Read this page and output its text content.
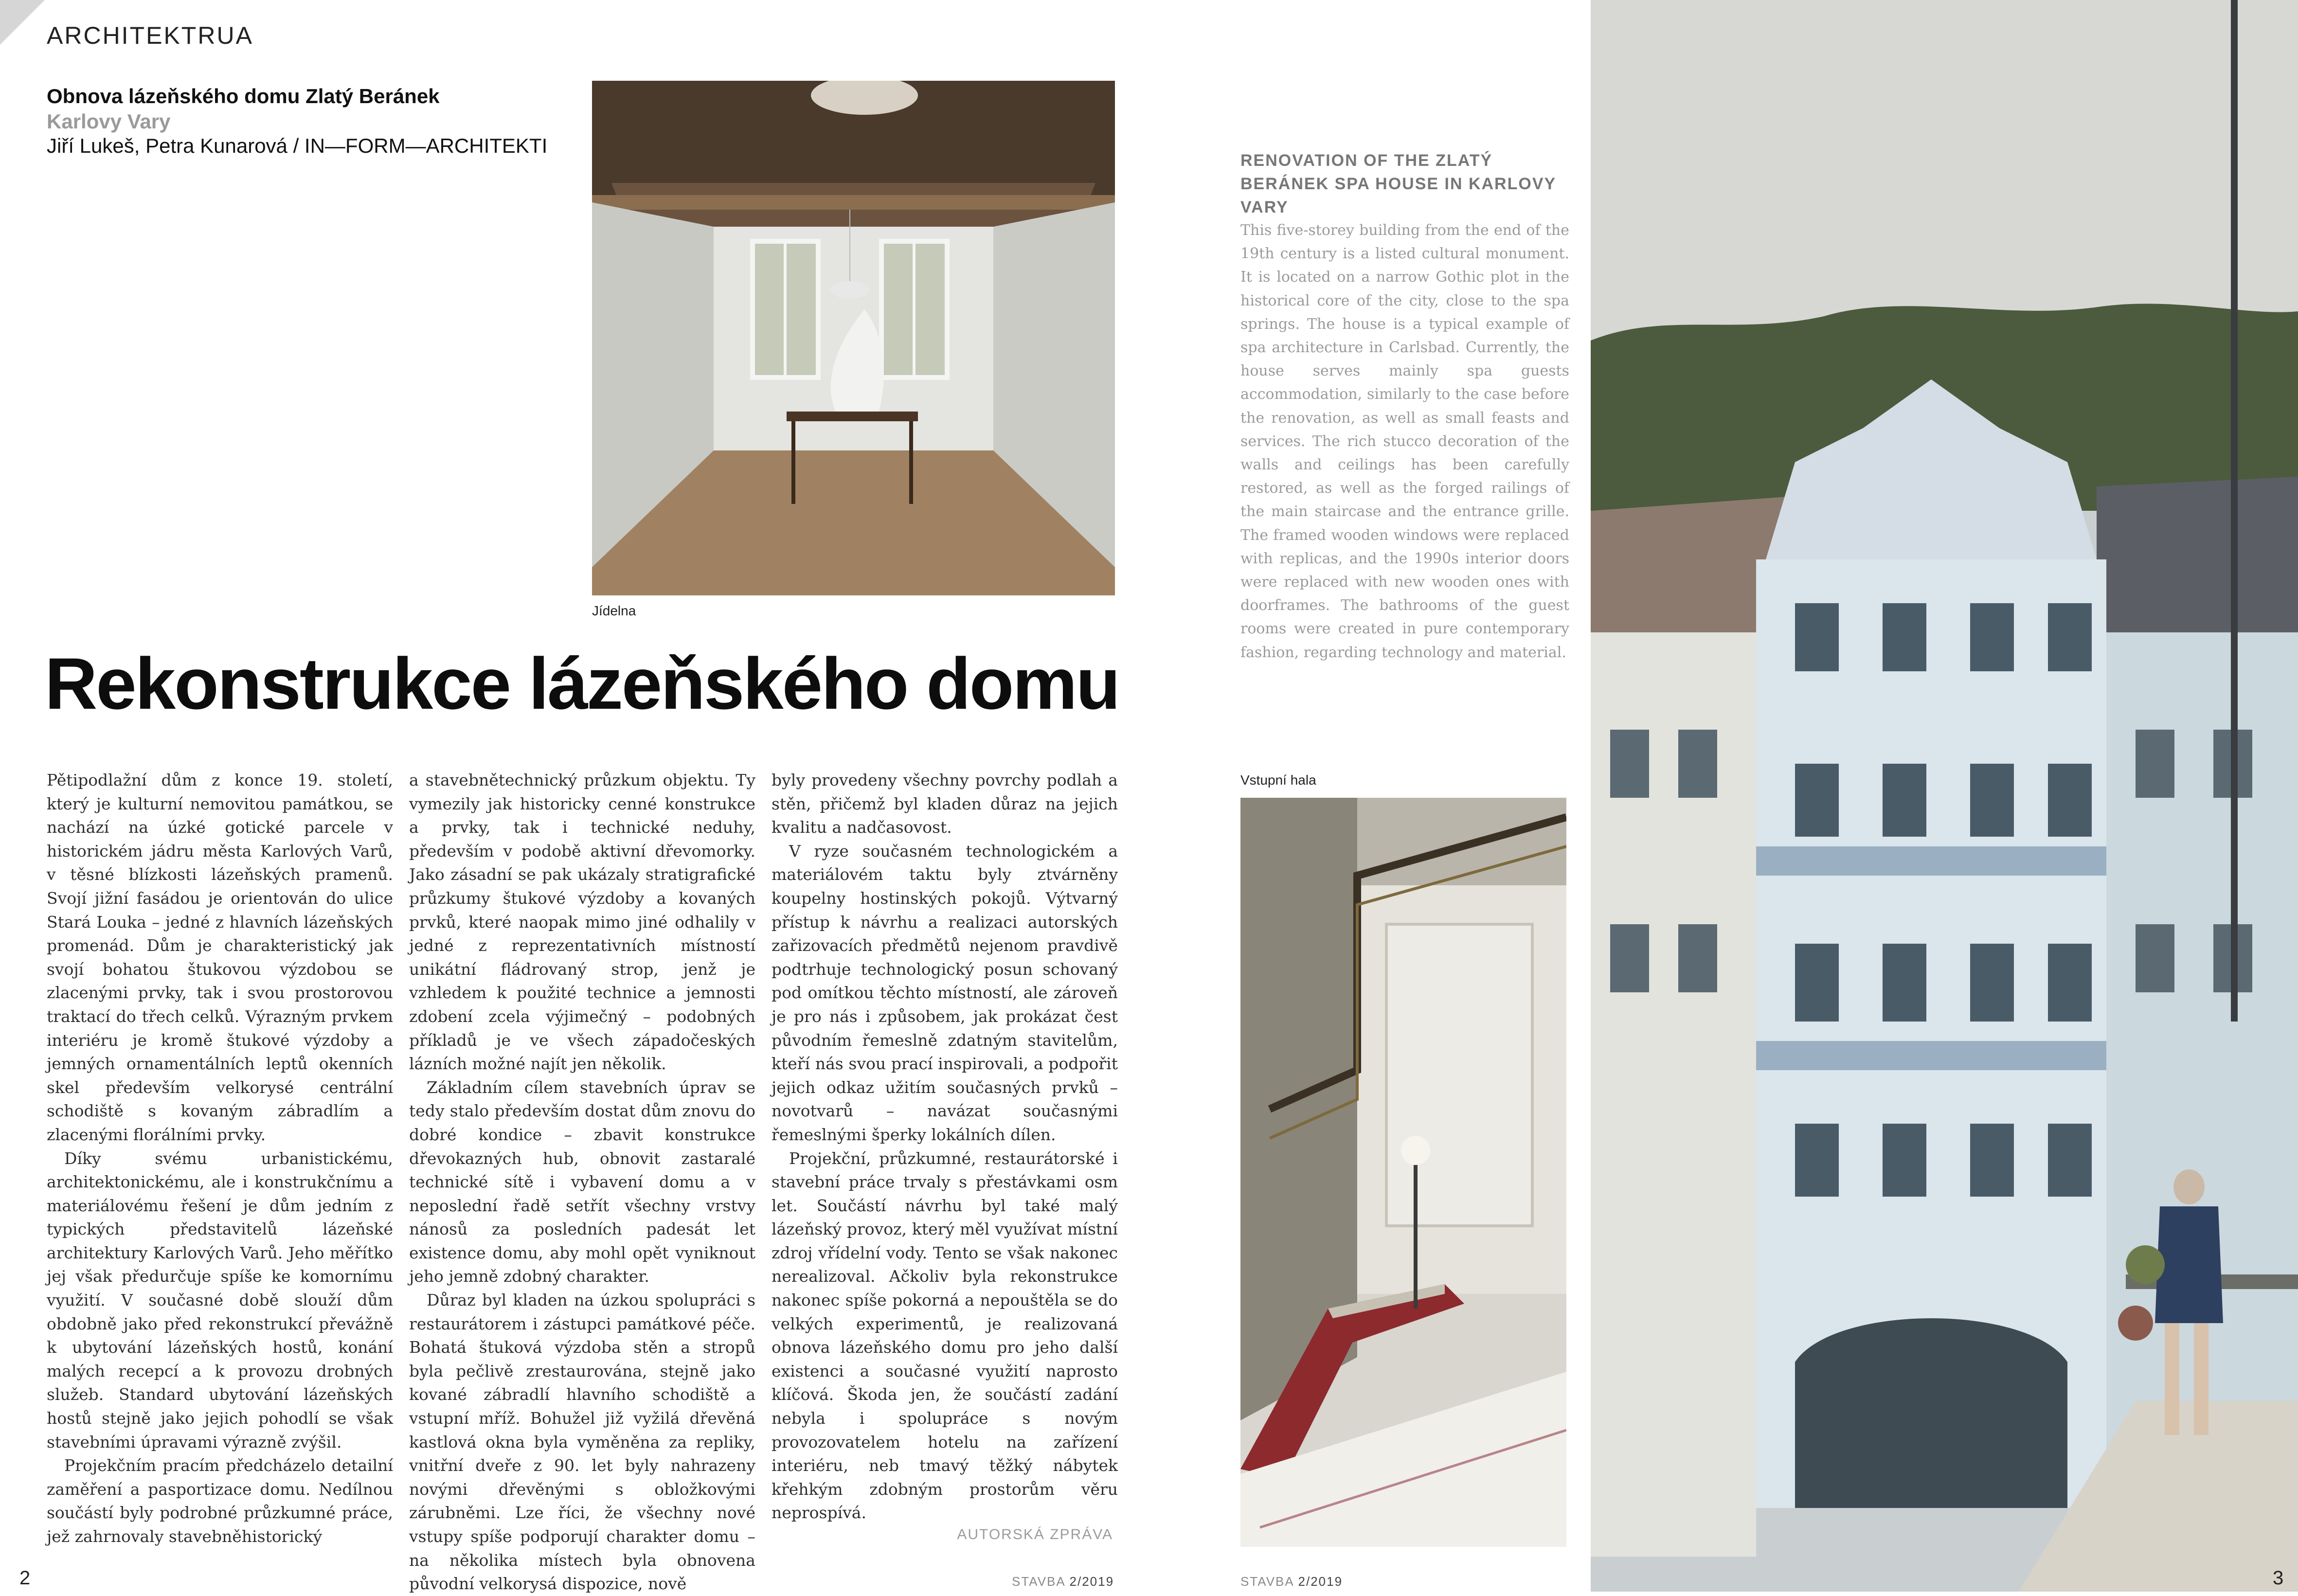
ARCHITEKTRUA
Obnova lázeňského domu Zlatý Beránek
Karlovy Vary
Jiří Lukeš, Petra Kunarová / IN—FORM—ARCHITEKTI
Jídelna
Rekonstrukce lázeňského domu

Pětipodlažní dům z konce 19. století, který je kulturní nemovitou památkou, se nachází na úzké gotické parcele v historickém jádru města Karlových Varů, v těsné blízkosti lázeňských pramenů. Svojí jižní fasádou je orientován do ulice Stará Louka – jedné z hlavních lázeňských promenád. Dům je charakteristický jak svojí bohatou štukovou výzdobou se zlacenými prvky, tak i svou prostorovou traktací do třech celků. Výrazným prvkem interiéru je kromě štukové výzdoby a jemných ornamentálních leptů okenních skel především velkorysé centrální schodiště s kovaným zábradlím a zlacenými florálními prvky.

Díky svému urbanistickému, architektonickému, ale i konstrukčnímu a materiálovému řešení je dům jedním z typických představitelů lázeňské architektury Karlových Varů. Jeho měřítko jej však předurčuje spíše ke komornímu využití. V současné době slouží dům obdobně jako před rekonstrukcí převážně k ubytování lázeňských hostů, konání malých recepcí a k provozu drobných služeb. Standard ubytování lázeňských hostů stejně jako jejich pohodlí se však stavebními úpravami výrazně zvýšil.

Projekčním pracím předcházelo detailní zaměření a pasportizace domu. Nedílnou součástí byly podrobné průzkumné práce, jež zahrnovaly stavebněhistorický

a stavebnětechnický průzkum objektu. Ty vymezily jak historicky cenné konstrukce a prvky, tak i technické neduhy, především v podobě aktivní dřevomorky. Jako zásadní se pak ukázaly stratigrafické průzkumy štukové výzdoby a kovaných prvků, které naopak mimo jiné odhalily v jedné z reprezentativních místností unikátní fládrovaný strop, jenž je vzhledem k použité technice a jemnosti zdobení zcela výjimečný – podobných příkladů je ve všech západočeských lázních možné najít jen několik.

Základním cílem stavebních úprav se tedy stalo především dostat dům znovu do dobré kondice – zbavit konstrukce dřevokazných hub, obnovit zastaralé technické sítě i vybavení domu a v neposlední řadě setřít všechny vrstvy nánosů za posledních padesát let existence domu, aby mohl opět vyniknout jeho jemně zdobný charakter.

Důraz byl kladen na úzkou spolupráci s restaurátorem i zástupci památkové péče. Bohatá štuková výzdoba stěn a stropů byla pečlivě zrestaurována, stejně jako kované zábradlí hlavního schodiště a vstupní mříž. Bohužel již vyžilá dřevěná kastlová okna byla vyměněna za repliky, vnitřní dveře z 90. let byly nahrazeny novými dřevěnými s obložkovými zárubněmi. Lze říci, že všechny nové vstupy spíše podporují charakter domu – na několika místech byla obnovena původní velkorysá dispozice, nově

byly provedeny všechny povrchy podlah a stěn, přičemž byl kladen důraz na jejich kvalitu a nadčasovost.

V ryze současném technologickém a materiálovém taktu byly ztvárněny koupelny hostinských pokojů. Výtvarný přístup k návrhu a realizaci autorských zařizovacích předmětů nejenom pravdivě podtrhuje technologický posun schovaný pod omítkou těchto místností, ale zároveň je pro nás i způsobem, jak prokázat čest původním řemeslně zdatným stavitelům, kteří nás svou prací inspirovali, a podpořit jejich odkaz užitím současných prvků – novotvarů – navázat současnými řemeslnými šperky lokálních dílen.

Projekční, průzkumné, restaurátorské i stavební práce trvaly s přestávkami osm let. Součástí návrhu byl také malý lázeňský provoz, který měl využívat místní zdroj vřídelní vody. Tento se však nakonec nerealizoval. Ačkoliv byla rekonstrukce nakonec spíše pokorná a nepouštěla se do velkých experimentů, je realizovaná obnova lázeňského domu pro jeho další existenci a současné využití naprosto klíčová. Škoda jen, že součástí zadání nebyla i spolupráce s novým provozovatelem hotelu na zařízení interiéru, neb tmavý těžký nábytek křehkým zdobným prostorům věru neprospívá.

AUTORSKÁ ZPRÁVA
RENOVATION OF THE ZLATÝ BERÁNEK SPA HOUSE IN KARLOVY VARY
This five-storey building from the end of the 19th century is a listed cultural monument. It is located on a narrow Gothic plot in the historical core of the city, close to the spa springs. The house is a typical example of spa architecture in Carlsbad. Currently, the house serves mainly spa guests accommodation, similarly to the case before the renovation, as well as small feasts and services. The rich stucco decoration of the walls and ceilings has been carefully restored, as well as the forged railings of the main staircase and the entrance grille. The framed wooden windows were replaced with replicas, and the 1990s interior doors were replaced with new wooden ones with doorframes. The bathrooms of the guest rooms were created in pure contemporary fashion, regarding technology and material.
Vstupní hala
2	STAVBA 2/2019	STAVBA 2/2019	3
